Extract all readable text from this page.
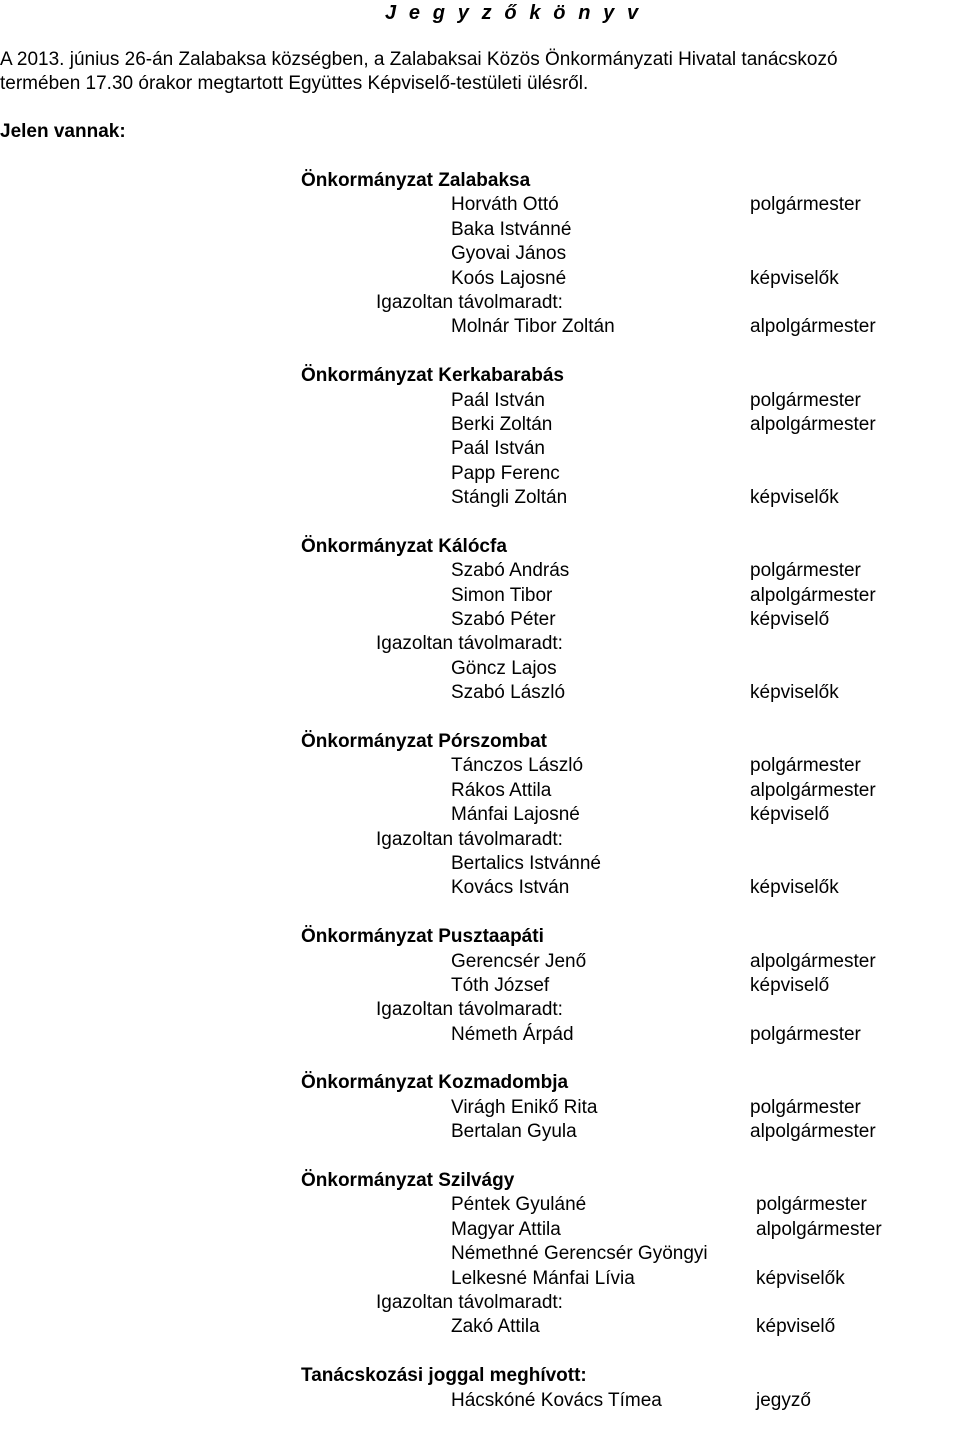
J e g y z ő k ö n y v
A 2013. június 26-án Zalabaksa községben, a Zalabaksai Közös Önkormányzati Hivatal tanácskozó
termében 17.30 órakor megtartott Együttes Képviselő-testületi ülésről.
Jelen vannak:
Önkormányzat Zalabaksa
Horváth Ottó	polgármester
Baka Istvánné
Gyovai János
Koós Lajosné	képviselők
Igazoltan távolmaradt:
Molnár Tibor Zoltán	alpolgármester
Önkormányzat Kerkabarabás
Paál István	polgármester
Berki Zoltán	alpolgármester
Paál István
Papp Ferenc
Stángli Zoltán	képviselők
Önkormányzat Kálócfa
Szabó András	polgármester
Simon Tibor	alpolgármester
Szabó Péter	képviselő
Igazoltan távolmaradt:
Göncz Lajos
Szabó László	képviselők
Önkormányzat Pórszombat
Tánczos László	polgármester
Rákos Attila	alpolgármester
Mánfai Lajosné	képviselő
Igazoltan távolmaradt:
Bertalics Istvánné
Kovács István	képviselők
Önkormányzat Pusztaapáti
Gerencsér Jenő	alpolgármester
Tóth József	képviselő
Igazoltan távolmaradt:
Németh Árpád	polgármester
Önkormányzat Kozmadombja
Virágh Enikő Rita	polgármester
Bertalan Gyula	alpolgármester
Önkormányzat Szilvágy
Péntek Gyuláné	polgármester
Magyar Attila	alpolgármester
Némethné Gerencsér Gyöngyi
Lelkesné Mánfai Lívia	képviselők
Igazoltan távolmaradt:
Zakó Attila	képviselő
Tanácskozási joggal meghívott:
Hácskóné Kovács Tímea	jegyző
